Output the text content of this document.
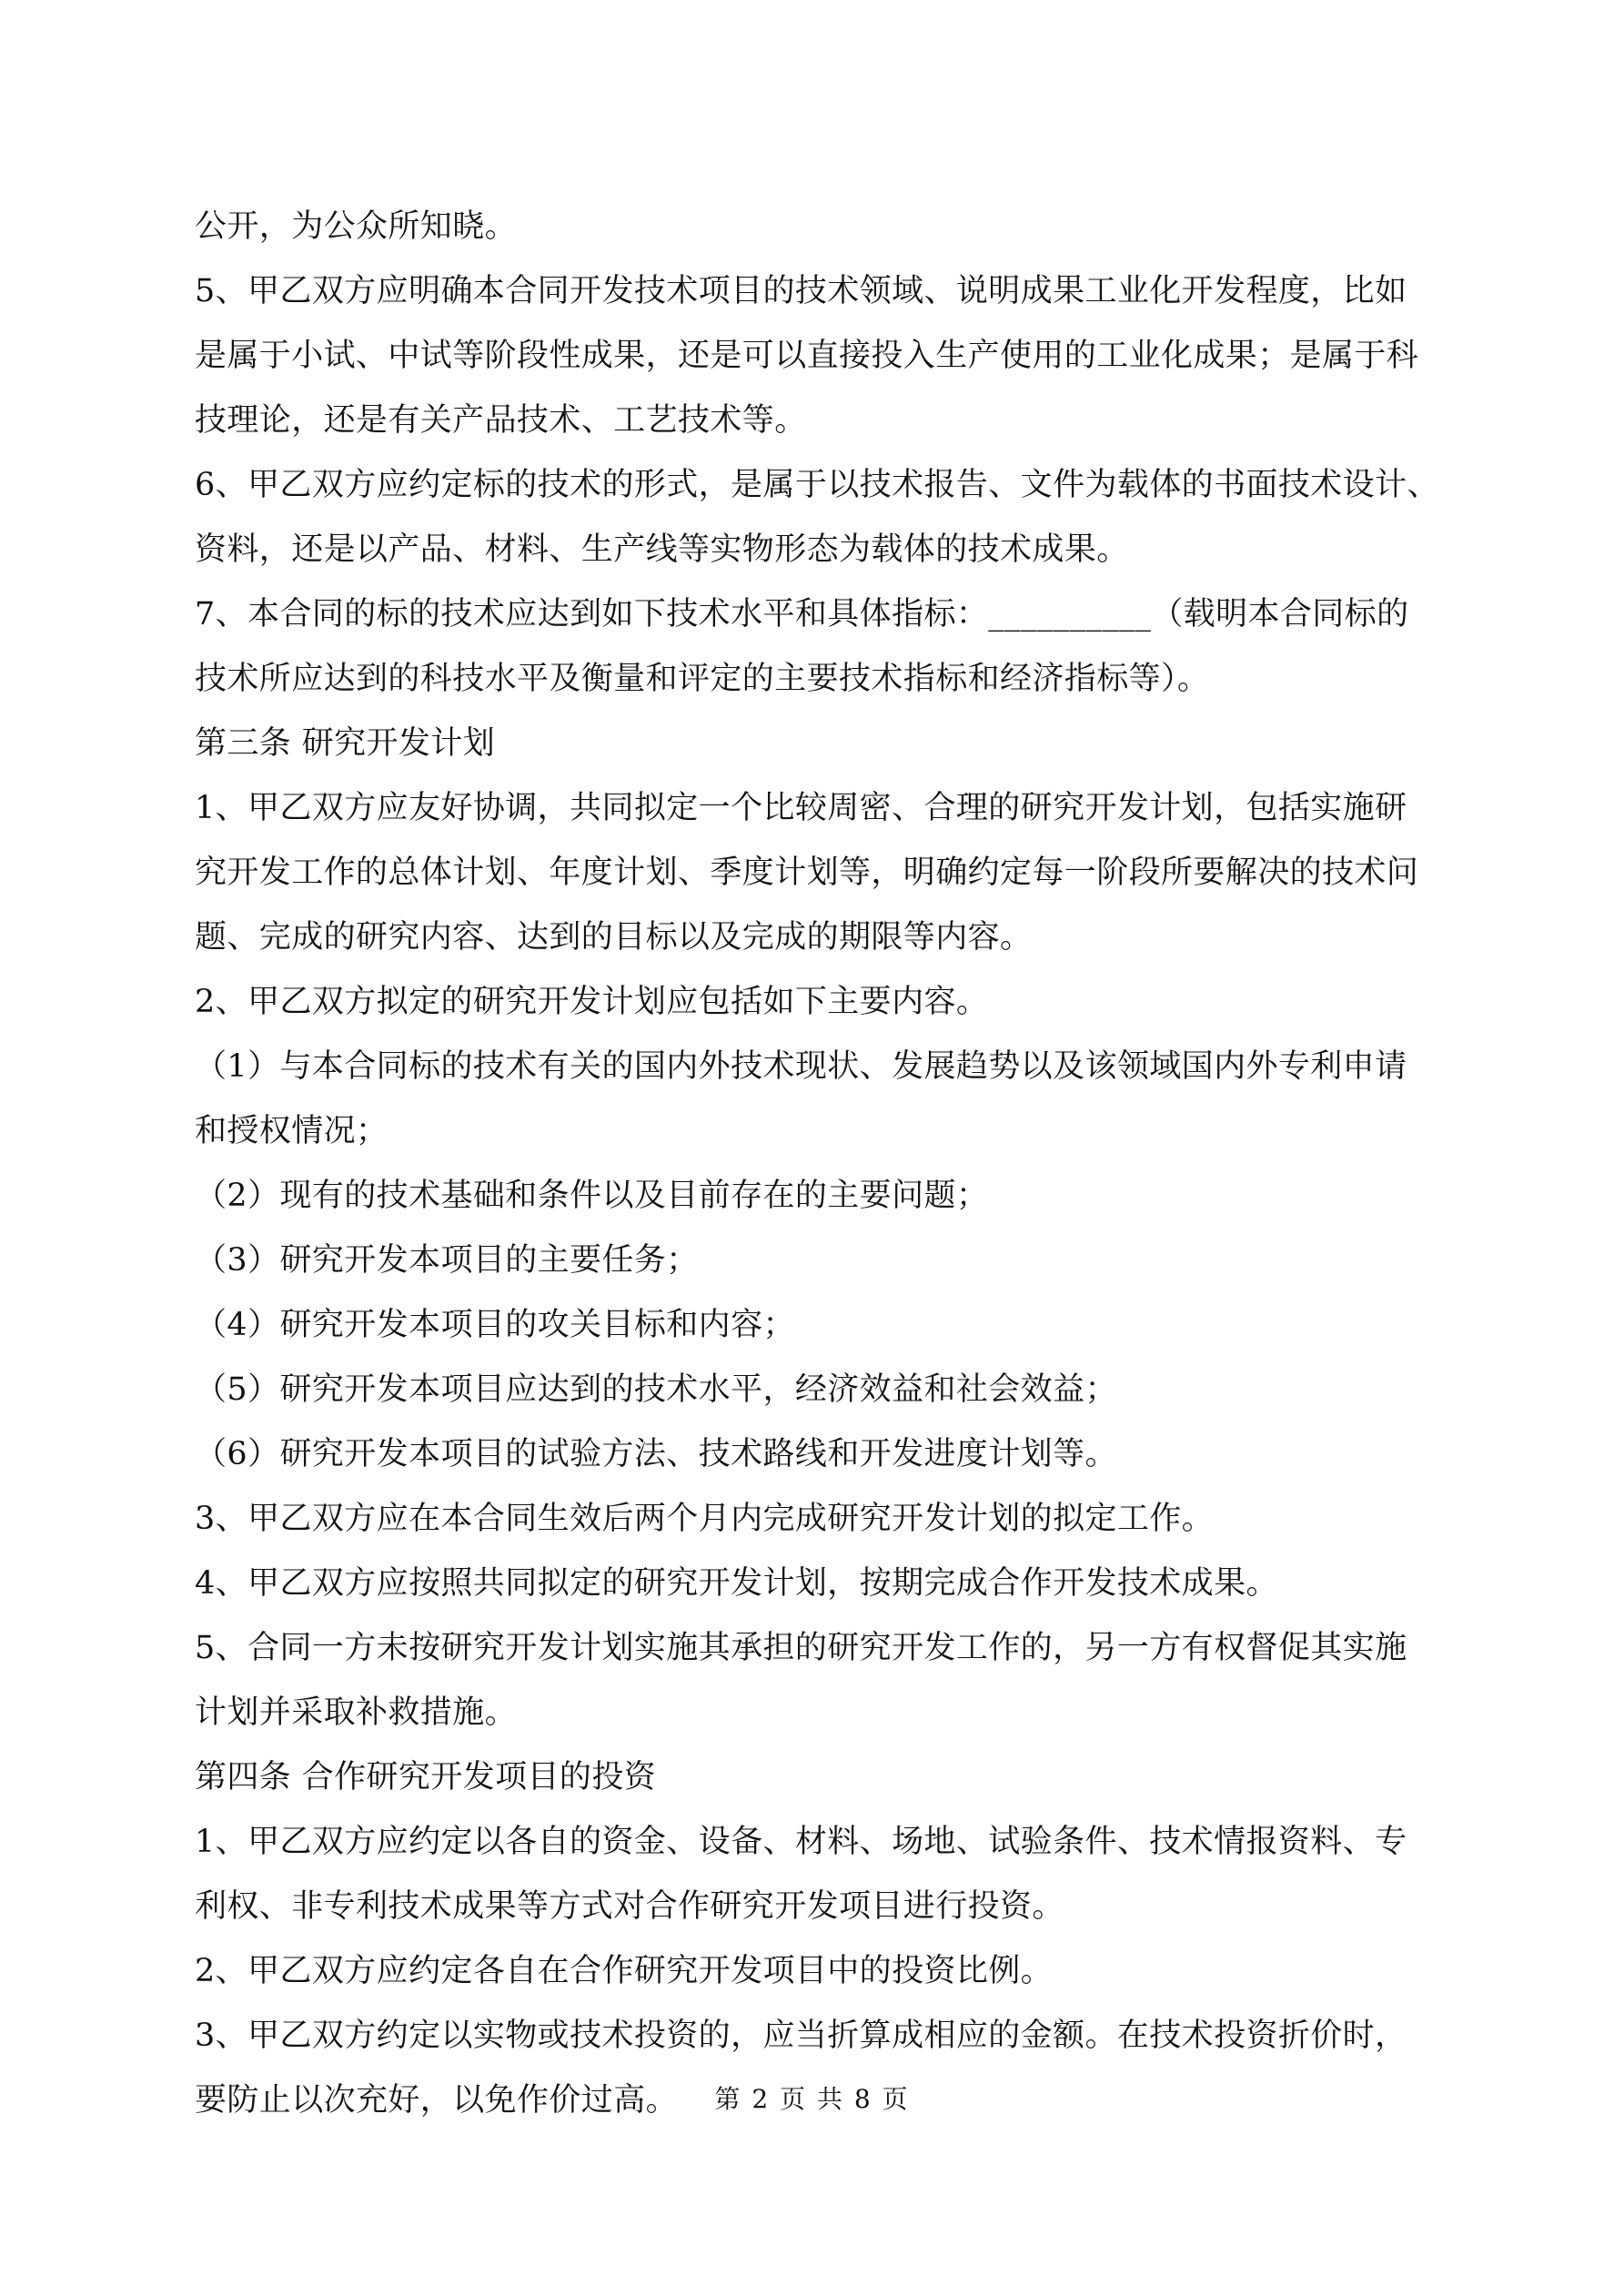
公开，为公众所知晓。
5、甲乙双方应明确本合同开发技术项目的技术领域、说明成果工业化开发程度，比如
是属于小试、中试等阶段性成果，还是可以直接投入生产使用的工业化成果；是属于科
技理论，还是有关产品技术、工艺技术等。
6、甲乙双方应约定标的技术的形式，是属于以技术报告、文件为载体的书面技术设计、
资料，还是以产品、材料、生产线等实物形态为载体的技术成果。
7、本合同的标的技术应达到如下技术水平和具体指标：__________（载明本合同标的
技术所应达到的科技水平及衡量和评定的主要技术指标和经济指标等）。
第三条 研究开发计划
1、甲乙双方应友好协调，共同拟定一个比较周密、合理的研究开发计划，包括实施研
究开发工作的总体计划、年度计划、季度计划等，明确约定每一阶段所要解决的技术问
题、完成的研究内容、达到的目标以及完成的期限等内容。
2、甲乙双方拟定的研究开发计划应包括如下主要内容。
（1）与本合同标的技术有关的国内外技术现状、发展趋势以及该领域国内外专利申请
和授权情况；
（2）现有的技术基础和条件以及目前存在的主要问题；
（3）研究开发本项目的主要任务；
（4）研究开发本项目的攻关目标和内容；
（5）研究开发本项目应达到的技术水平，经济效益和社会效益；
（6）研究开发本项目的试验方法、技术路线和开发进度计划等。
3、甲乙双方应在本合同生效后两个月内完成研究开发计划的拟定工作。
4、甲乙双方应按照共同拟定的研究开发计划，按期完成合作开发技术成果。
5、合同一方未按研究开发计划实施其承担的研究开发工作的，另一方有权督促其实施
计划并采取补救措施。
第四条 合作研究开发项目的投资
1、甲乙双方应约定以各自的资金、设备、材料、场地、试验条件、技术情报资料、专
利权、非专利技术成果等方式对合作研究开发项目进行投资。
2、甲乙双方应约定各自在合作研究开发项目中的投资比例。
3、甲乙双方约定以实物或技术投资的，应当折算成相应的金额。在技术投资折价时，
要防止以次充好，以免作价过高。	第 2 页 共 8 页
